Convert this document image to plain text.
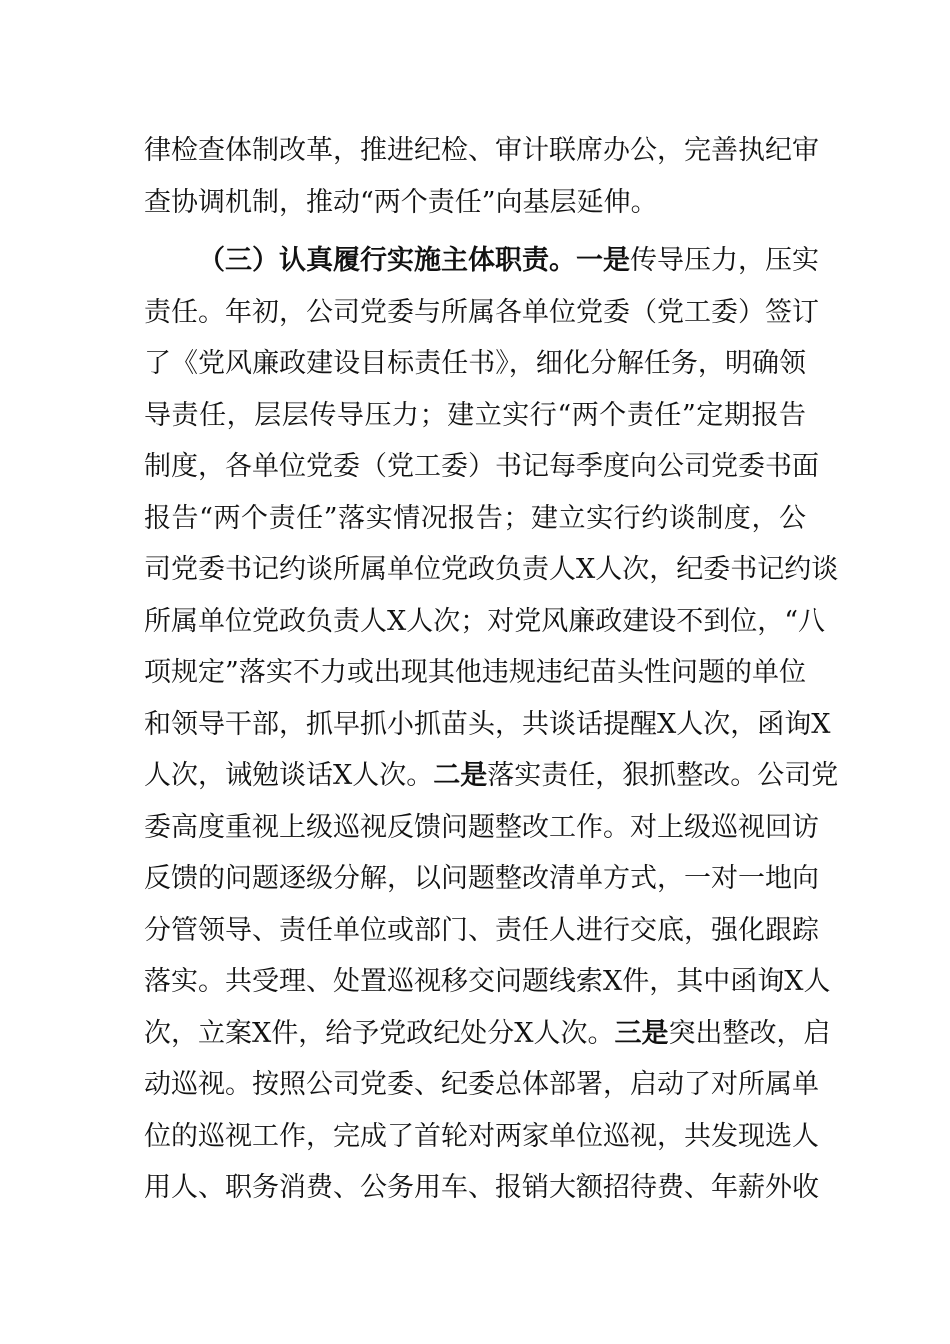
律检查体制改革，推进纪检、审计联席办公，完善执纪审
查协调机制，推动“两个责任”向基层延伸。
（三）认真履行实施主体职责。一是传导压力，压实
责任。年初，公司党委与所属各单位党委（党工委）签订
了《党风廉政建设目标责任书》，细化分解任务，明确领
导责任，层层传导压力；建立实行“两个责任”定期报告
制度，各单位党委（党工委）书记每季度向公司党委书面
报告“两个责任”落实情况报告；建立实行约谈制度，公
司党委书记约谈所属单位党政负责人X人次，纪委书记约谈
所属单位党政负责人X人次；对党风廉政建设不到位，“八
项规定”落实不力或出现其他违规违纪苗头性问题的单位
和领导干部，抓早抓小抓苗头，共谈话提醒X人次，函询X
人次，诫勉谈话X人次。二是落实责任，狠抓整改。公司党
委高度重视上级巡视反馈问题整改工作。对上级巡视回访
反馈的问题逐级分解，以问题整改清单方式，一对一地向
分管领导、责任单位或部门、责任人进行交底，强化跟踪
落实。共受理、处置巡视移交问题线索X件，其中函询X人
次，立案X件，给予党政纪处分X人次。三是突出整改，启
动巡视。按照公司党委、纪委总体部署，启动了对所属单
位的巡视工作，完成了首轮对两家单位巡视，共发现选人
用人、职务消费、公务用车、报销大额招待费、年薪外收
